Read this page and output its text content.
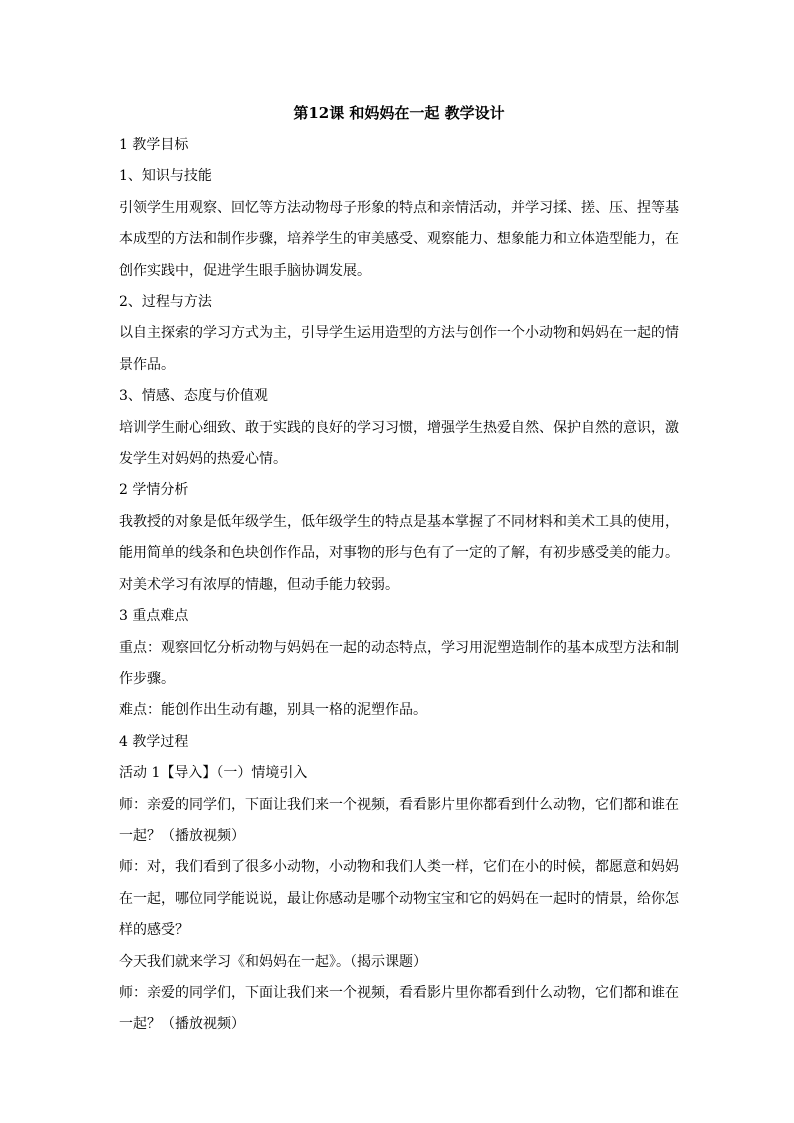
第12课 和妈妈在一起 教学设计
1 教学目标
1、知识与技能
引领学生用观察、回忆等方法动物母子形象的特点和亲情活动，并学习揉、搓、压、捏等基本成型的方法和制作步骤，培养学生的审美感受、观察能力、想象能力和立体造型能力，在创作实践中，促进学生眼手脑协调发展。
2、过程与方法
以自主探索的学习方式为主，引导学生运用造型的方法与创作一个小动物和妈妈在一起的情景作品。
3、情感、态度与价值观
培训学生耐心细致、敢于实践的良好的学习习惯，增强学生热爱自然、保护自然的意识，激发学生对妈妈的热爱心情。
2 学情分析
我教授的对象是低年级学生，低年级学生的特点是基本掌握了不同材料和美术工具的使用，能用简单的线条和色块创作作品，对事物的形与色有了一定的了解，有初步感受美的能力。对美术学习有浓厚的情趣，但动手能力较弱。
3 重点难点
重点：观察回忆分析动物与妈妈在一起的动态特点，学习用泥塑造制作的基本成型方法和制作步骤。
难点：能创作出生动有趣，别具一格的泥塑作品。
4 教学过程
活动 1【导入】（一）情境引入
师：亲爱的同学们，下面让我们来一个视频，看看影片里你都看到什么动物，它们都和谁在一起？（播放视频）
师：对，我们看到了很多小动物，小动物和我们人类一样，它们在小的时候，都愿意和妈妈在一起，哪位同学能说说，最让你感动是哪个动物宝宝和它的妈妈在一起时的情景，给你怎样的感受？
今天我们就来学习《和妈妈在一起》。（揭示课题）
师：亲爱的同学们，下面让我们来一个视频，看看影片里你都看到什么动物，它们都和谁在一起？（播放视频）
